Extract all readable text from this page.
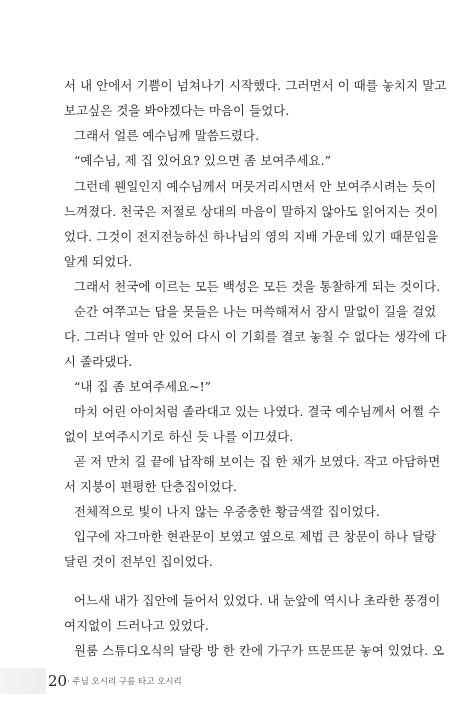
서 내 안에서 기쁨이 넘쳐나기 시작했다. 그러면서 이 때를 놓치지 말고
보고싶은 것을 봐야겠다는 마음이 들었다.
그래서 얼른 예수님께 말씀드렸다.
“예수님, 제 집 있어요? 있으면 좀 보여주세요.”
그런데 웬일인지 예수님께서 머뭇거리시면서 안 보여주시려는 듯이
느껴졌다. 천국은 저절로 상대의 마음이 말하지 않아도 읽어지는 것이
었다. 그것이 전지전능하신 하나님의 영의 지배 가운데 있기 때문임을
알게 되었다.
그래서 천국에 이르는 모든 백성은 모든 것을 통찰하게 되는 것이다.
순간 여쭈고는 답을 못들은 나는 머쓱해져서 잠시 말없이 길을 걸었
다. 그러나 얼마 안 있어 다시 이 기회를 결코 놓칠 수 없다는 생각에 다
시 졸라댔다.
“내 집 좀 보여주세요~!”
마치 어린 아이처럼 졸라대고 있는 나였다. 결국 예수님께서 어쩔 수
없이 보여주시기로 하신 듯 나를 이끄셨다.
곧 저 만치 길 끝에 납작해 보이는 집 한 채가 보였다. 작고 아담하면
서 지붕이 편평한 단층집이었다.
전체적으로 빛이 나지 않는 우중충한 황금색깔 집이었다.
입구에 자그마한 현관문이 보였고 옆으로 제법 큰 창문이 하나 달랑
달린 것이 전부인 집이었다.
어느새 내가 집안에 들어서 있었다. 내 눈앞에 역시나 초라한 풍경이
여지없이 드러나고 있었다.
원룸 스튜디오식의 달랑 방 한 칸에 가구가 뜨문뜨문 놓여 있었다. 오
20 · 주님 오시리 구름 타고 오시리
